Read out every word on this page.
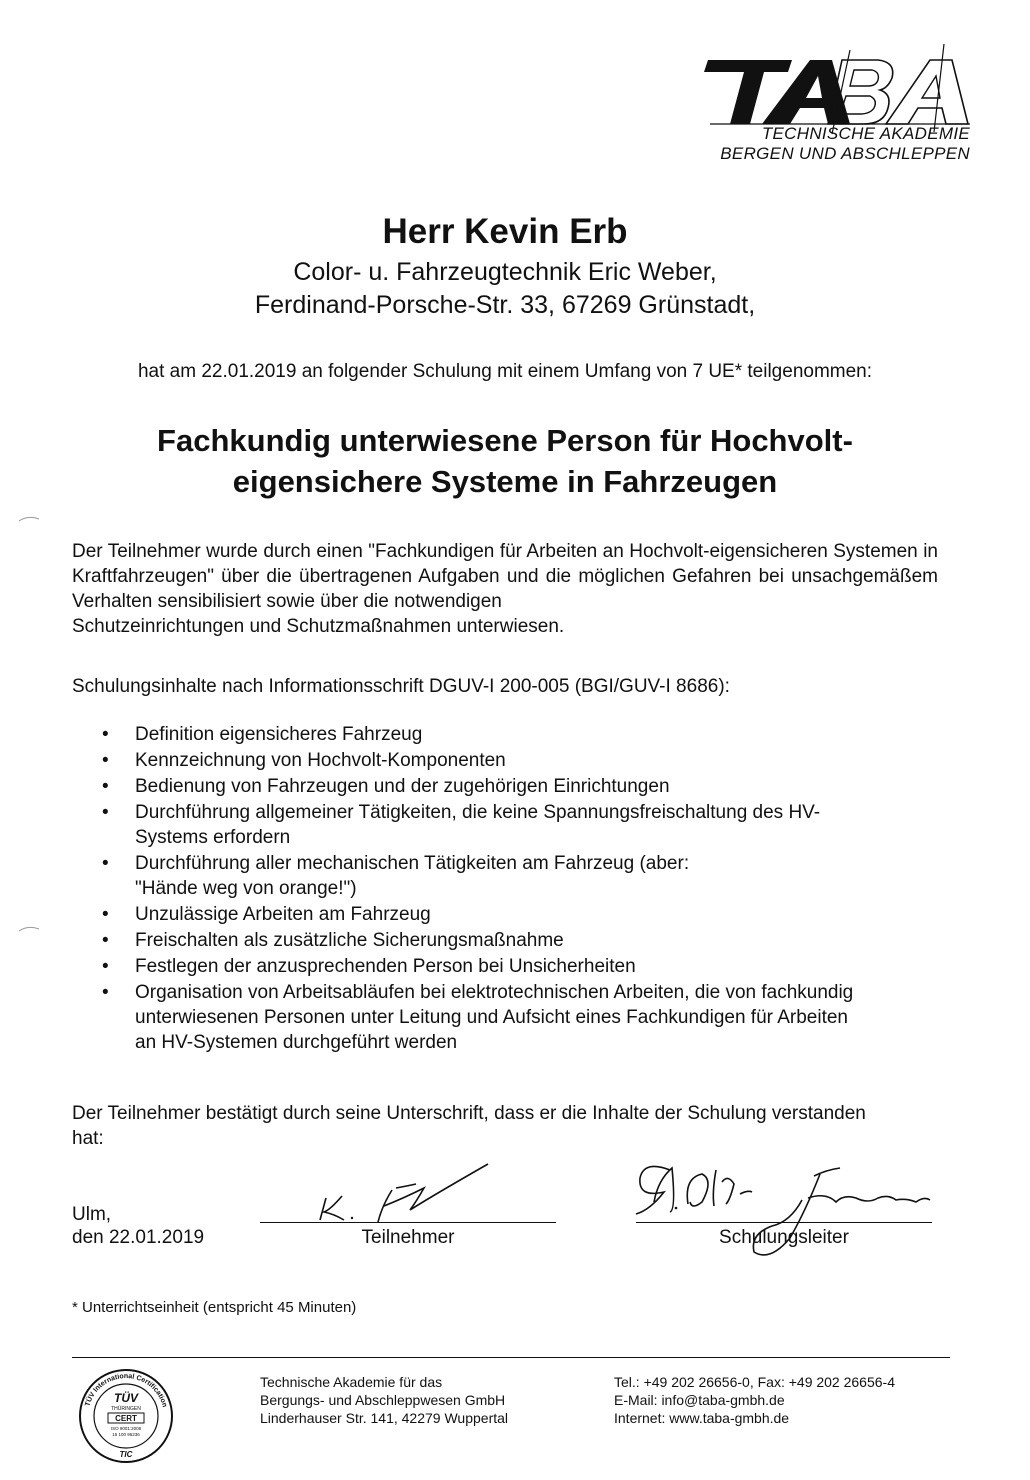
TECHNISCHE AKADEMIE
BERGEN UND ABSCHLEPPEN
Herr Kevin Erb
Color- u. Fahrzeugtechnik Eric Weber,
Ferdinand-Porsche-Str. 33, 67269 Grünstadt,
hat am 22.01.2019 an folgender Schulung mit einem Umfang von 7 UE* teilgenommen:
Fachkundig unterwiesene Person für Hochvolt-
eigensichere Systeme in Fahrzeugen
Der Teilnehmer wurde durch einen "Fachkundigen für Arbeiten an Hochvolt-eigensicheren Systemen in Kraftfahrzeugen" über die übertragenen Aufgaben und die möglichen Gefahren bei unsachgemäßem Verhalten sensibilisiert sowie über die notwendigen
Schutzeinrichtungen und Schutzmaßnahmen unterwiesen.
Schulungsinhalte nach Informationsschrift DGUV-I 200-005 (BGI/GUV-I 8686):
• Definition eigensicheres Fahrzeug
• Kennzeichnung von Hochvolt-Komponenten
• Bedienung von Fahrzeugen und der zugehörigen Einrichtungen
• Durchführung allgemeiner Tätigkeiten, die keine Spannungsfreischaltung des HV-Systems erfordern
• Durchführung aller mechanischen Tätigkeiten am Fahrzeug (aber: "Hände weg von orange!")
• Unzulässige Arbeiten am Fahrzeug
• Freischalten als zusätzliche Sicherungsmaßnahme
• Festlegen der anzusprechenden Person bei Unsicherheiten
• Organisation von Arbeitsabläufen bei elektrotechnischen Arbeiten, die von fachkundig unterwiesenen Personen unter Leitung und Aufsicht eines Fachkundigen für Arbeiten an HV-Systemen durchgeführt werden
Der Teilnehmer bestätigt durch seine Unterschrift, dass er die Inhalte der Schulung verstanden hat:
Ulm,
den 22.01.2019	Teilnehmer	Schulungsleiter
* Unterrichtseinheit (entspricht 45 Minuten)
TÜV International Certification
TÜV
THÜRINGEN
CERT
ISO 9001:2008
15 100 96236
TIC
Technische Akademie für das
Bergungs- und Abschleppwesen GmbH
Linderhauser Str. 141, 42279 Wuppertal
Tel.: +49 202 26656-0, Fax: +49 202 26656-4
E-Mail: info@taba-gmbh.de
Internet: www.taba-gmbh.de
